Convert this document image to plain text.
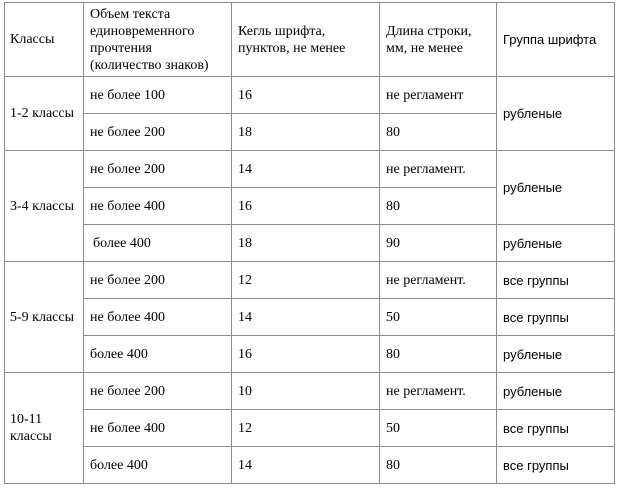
Классы	Объем текста единовременного прочтения (количество знаков)	Кегль шрифта, пунктов, не менее	Длина строки, мм, не менее	Группа шрифта
1-2 классы	не более 100	16	не регламент	рубленые
	не более 200	18	80	
3-4 классы	не более 200	14	не регламент.	рубленые
	не более 400	16	80	
	более 400	18	90	рубленые
5-9 классы	не более 200	12	не регламент.	все группы
	не более 400	14	50	все группы
	более 400	16	80	рубленые
10-11 классы	не более 200	10	не регламент.	рубленые
	не более 400	12	50	все группы
	более 400	14	80	все группы
